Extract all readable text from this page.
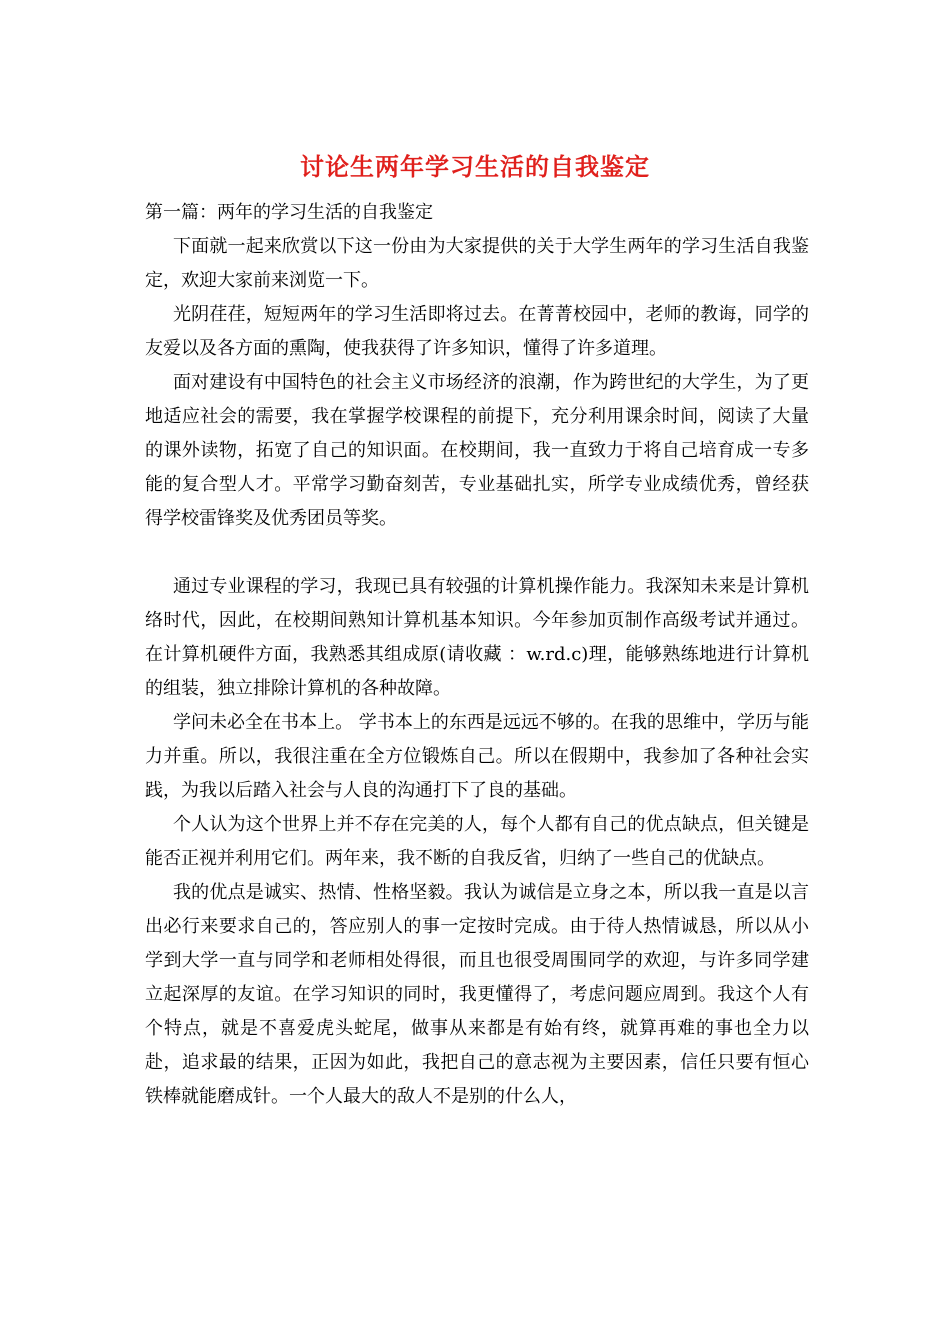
讨论生两年学习生活的自我鉴定

第一篇：两年的学习生活的自我鉴定

下面就一起来欣赏以下这一份由为大家提供的关于大学生两年的学习生活自我鉴定，欢迎大家前来浏览一下。

光阴荏荏，短短两年的学习生活即将过去。在菁菁校园中，老师的教诲，同学的友爱以及各方面的熏陶，使我获得了许多知识，懂得了许多道理。

面对建设有中国特色的社会主义市场经济的浪潮，作为跨世纪的大学生，为了更地适应社会的需要，我在掌握学校课程的前提下，充分利用课余时间，阅读了大量的课外读物，拓宽了自己的知识面。在校期间，我一直致力于将自己培育成一专多能的复合型人才。平常学习勤奋刻苦，专业基础扎实，所学专业成绩优秀，曾经获得学校雷锋奖及优秀团员等奖。

通过专业课程的学习，我现已具有较强的计算机操作能力。我深知未来是计算机络时代，因此，在校期间熟知计算机基本知识。今年参加页制作高级考试并通过。在计算机硬件方面，我熟悉其组成原(请收藏 ：w.rd.c)理，能够熟练地进行计算机的组装，独立排除计算机的各种故障。

学问未必全在书本上。 学书本上的东西是远远不够的。在我的思维中，学历与能力并重。所以，我很注重在全方位锻炼自己。所以在假期中，我参加了各种社会实践，为我以后踏入社会与人良的沟通打下了良的基础。

个人认为这个世界上并不存在完美的人，每个人都有自己的优点缺点，但关键是能否正视并利用它们。两年来，我不断的自我反省，归纳了一些自己的优缺点。

我的优点是诚实、热情、性格坚毅。我认为诚信是立身之本，所以我一直是以言出必行来要求自己的，答应别人的事一定按时完成。由于待人热情诚恳，所以从小学到大学一直与同学和老师相处得很，而且也很受周围同学的欢迎，与许多同学建立起深厚的友谊。在学习知识的同时，我更懂得了，考虑问题应周到。我这个人有个特点，就是不喜爱虎头蛇尾，做事从来都是有始有终，就算再难的事也全力以赴，追求最的结果，正因为如此，我把自己的意志视为主要因素，信任只要有恒心铁棒就能磨成针。一个人最大的敌人不是别的什么人，
